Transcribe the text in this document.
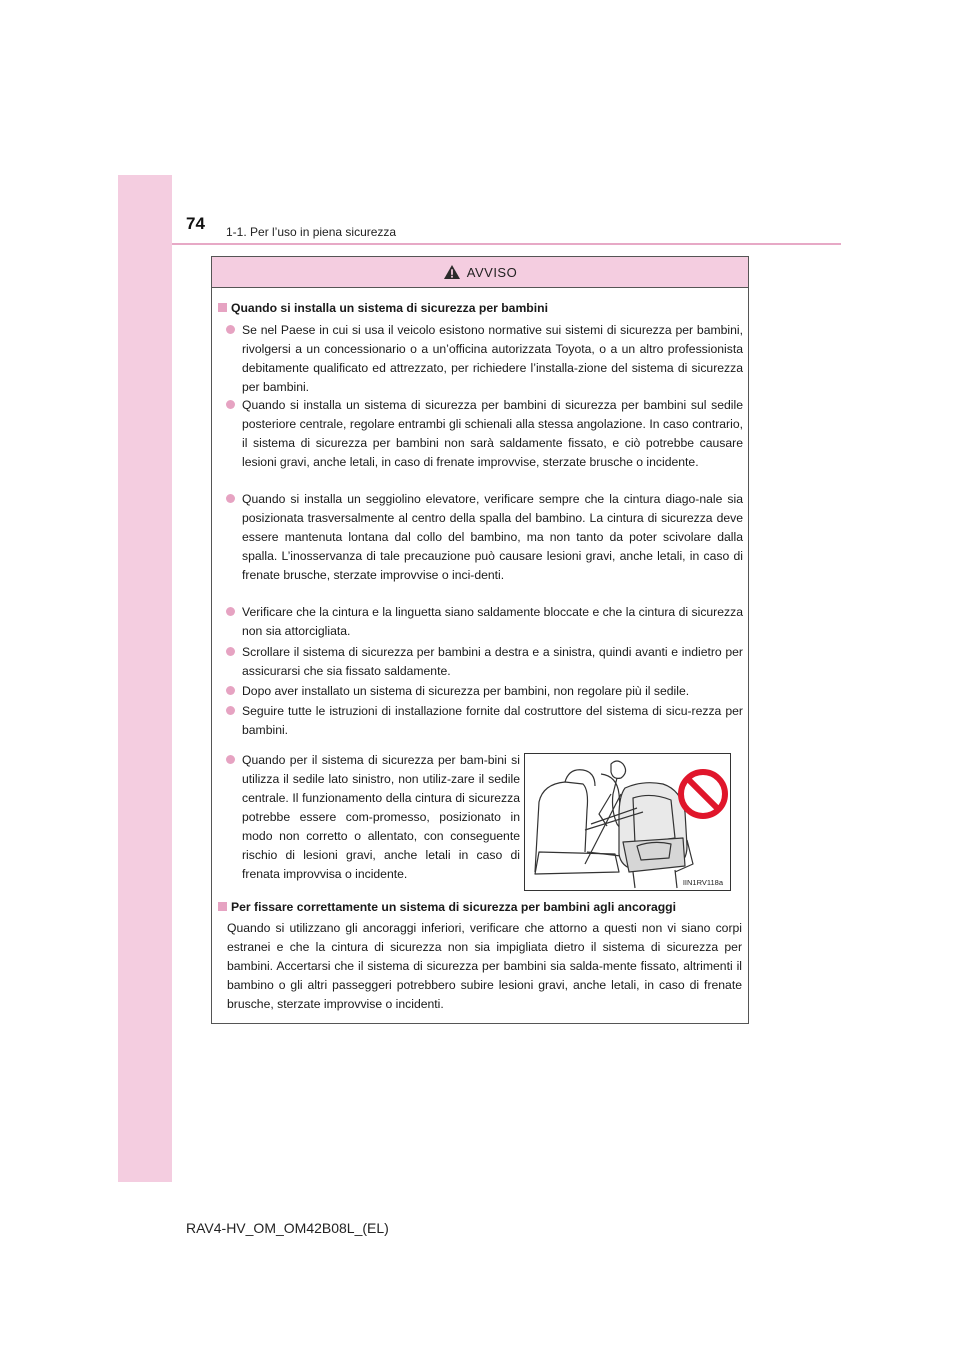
74 1-1. Per l’uso in piena sicurezza
AVVISO
Quando si installa un sistema di sicurezza per bambini
Se nel Paese in cui si usa il veicolo esistono normative sui sistemi di sicurezza per bambini, rivolgersi a un concessionario o a un’officina autorizzata Toyota, o a un altro professionista debitamente qualificato ed attrezzato, per richiedere l’installa-zione del sistema di sicurezza per bambini.
Quando si installa un sistema di sicurezza per bambini di sicurezza per bambini sul sedile posteriore centrale, regolare entrambi gli schienali alla stessa angolazione. In caso contrario, il sistema di sicurezza per bambini non sarà saldamente fissato, e ciò potrebbe causare lesioni gravi, anche letali, in caso di frenate improvvise, sterzate brusche o incidente.
Quando si installa un seggiolino elevatore, verificare sempre che la cintura diago-nale sia posizionata trasversalmente al centro della spalla del bambino. La cintura di sicurezza deve essere mantenuta lontana dal collo del bambino, ma non tanto da poter scivolare dalla spalla. L’inosservanza di tale precauzione può causare lesioni gravi, anche letali, in caso di frenate brusche, sterzate improvvise o inci-denti.
Verificare che la cintura e la linguetta siano saldamente bloccate e che la cintura di sicurezza non sia attorcigliata.
Scrollare il sistema di sicurezza per bambini a destra e a sinistra, quindi avanti e indietro per assicurarsi che sia fissato saldamente.
Dopo aver installato un sistema di sicurezza per bambini, non regolare più il sedile.
Seguire tutte le istruzioni di installazione fornite dal costruttore del sistema di sicu-rezza per bambini.
Quando per il sistema di sicurezza per bam-bini si utilizza il sedile lato sinistro, non utiliz-zare il sedile centrale. Il funzionamento della cintura di sicurezza potrebbe essere com-promesso, posizionato in modo non corretto o allentato, con conseguente rischio di lesioni gravi, anche letali in caso di frenata improvvisa o incidente.
IIN1RV118a
Per fissare correttamente un sistema di sicurezza per bambini agli ancoraggi
Quando si utilizzano gli ancoraggi inferiori, verificare che attorno a questi non vi siano corpi estranei e che la cintura di sicurezza non sia impigliata dietro il sistema di sicurezza per bambini. Accertarsi che il sistema di sicurezza per bambini sia salda-mente fissato, altrimenti il bambino o gli altri passeggeri potrebbero subire lesioni gravi, anche letali, in caso di frenate brusche, sterzate improvvise o incidenti.
RAV4-HV_OM_OM42B08L_(EL)
